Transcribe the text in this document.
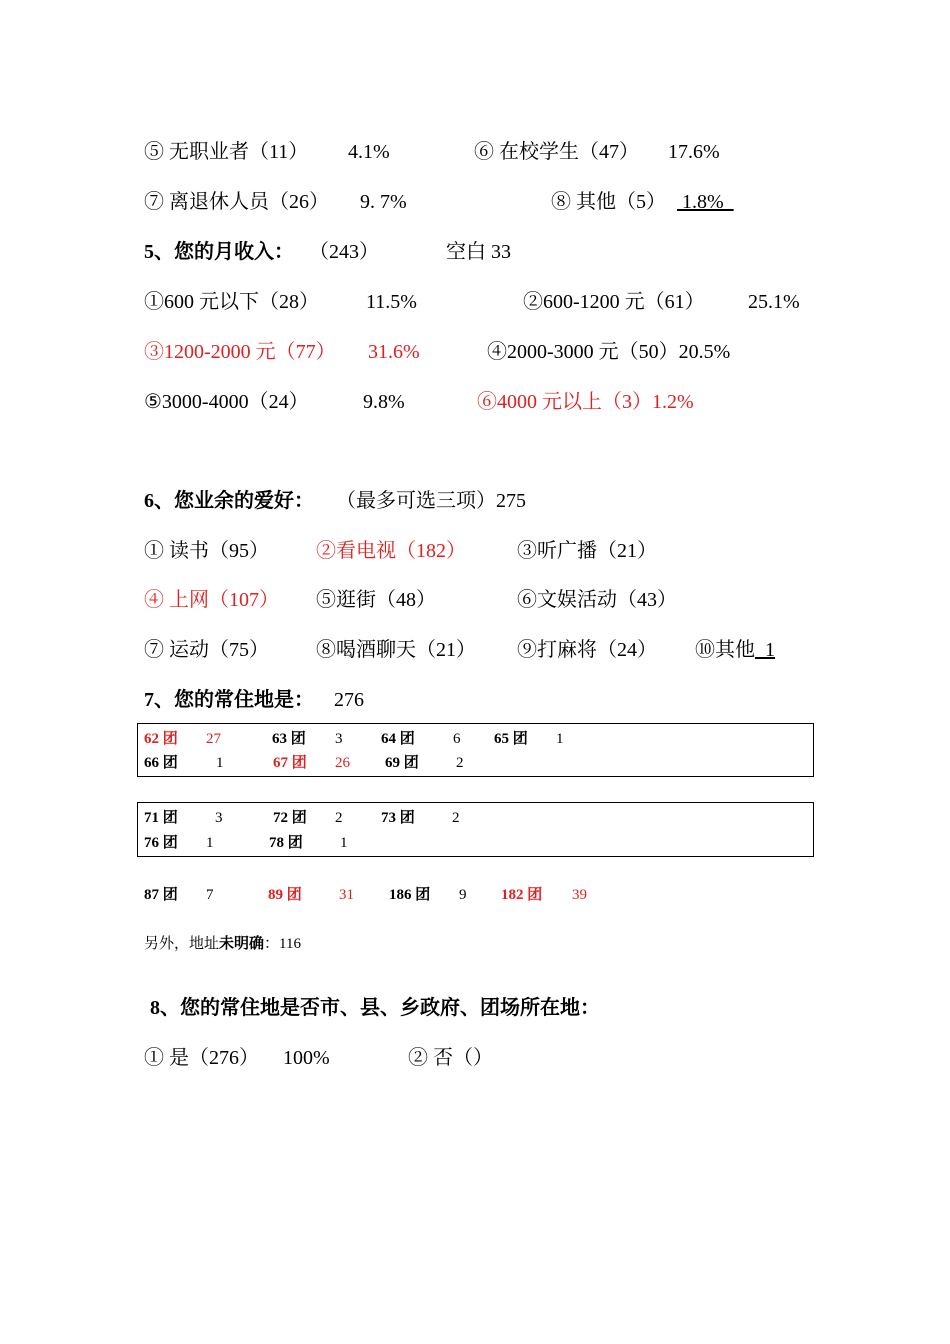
⑤ 无职业者（11） 4.1%	⑥ 在校学生（47） 17.6%
⑦ 离退休人员（26） 9. 7%	⑧ 其他（5） 1.8%
5、您的月收入： （243）	空白 33
①600 元以下（28） 11.5%	②600-1200 元（61） 25.1%
③1200-2000 元（77） 31.6%	④2000-3000 元（50）20.5%
⑤3000-4000（24）	9.8%	⑥4000 元以上（3）1.2%
6、您业余的爱好： （最多可选三项）275
① 读书（95） ②看电视（182）	③听广播（21）
④ 上网（107） ⑤逛街（48）	⑥文娱活动（43）
⑦ 运动（75） ⑧喝酒聊天（21） ⑨打麻将（24） ⑩其他  1
7、您的常住地是： 276
62 团 27	63 团 3	64 团	6 65 团 1
66 团	1	67 团 26 69 团 2
71 团 3	72 团 2	73 团 2
76 团 1	78 团 1
87 团 7	89 团 31 186 团 9 182 团 39
另外，地址未明确：116
8、您的常住地是否市、县、乡政府、团场所在地：
① 是（276） 100%	② 否（）
